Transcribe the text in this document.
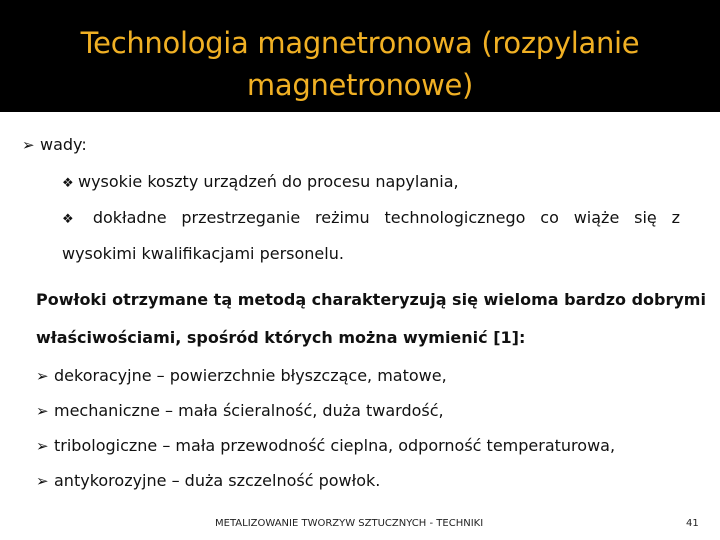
Technologia magnetronowa (rozpylanie
magnetronowe)
➢ wady:
❖ wysokie koszty urządzeń do procesu napylania,
❖ dokładne przestrzeganie reżimu technologicznego co wiąże się z
wysokimi kwalifikacjami personelu.
Powłoki otrzymane tą metodą charakteryzują się wieloma bardzo dobrymi
właściwościami, spośród których można wymienić [1]:
➢ dekoracyjne – powierzchnie błyszczące, matowe,
➢ mechaniczne – mała ścieralność, duża twardość,
➢ tribologiczne – mała przewodność cieplna, odporność temperaturowa,
➢ antykorozyjne – duża szczelność powłok.
METALIZOWANIE TWORZYW SZTUCZNYCH - TECHNIKI	41
